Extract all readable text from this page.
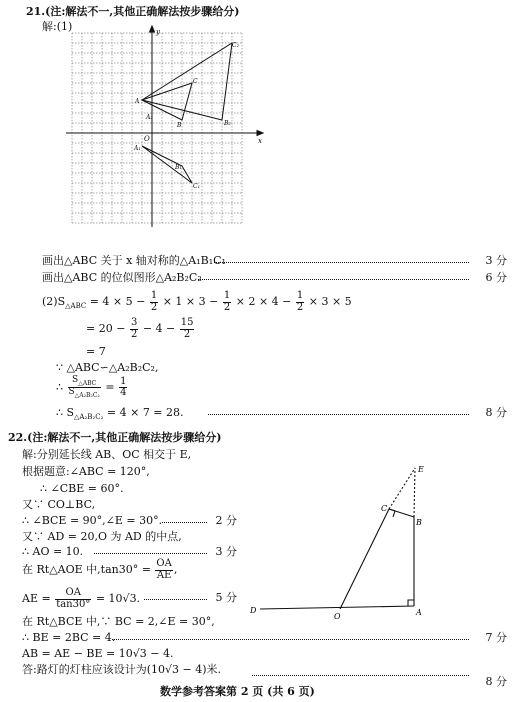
21.(注:解法不一,其他正确解法按步骤给分)
解:(1)	y
x
O
A
B
C
A₁
B₁
C₁
A₂
B₂
C₂
画出△ABC 关于 x 轴对称的△A₁B₁C₁	3 分
画出△ABC 的位似图形△A₂B₂C₂	6 分
$(2)S_{\triangle ABC} = 4 \times 5 - \frac{1}{2} \times 1 \times 3 - \frac{1}{2} \times 2 \times 4 - \frac{1}{2} \times 3 \times 5$
= $20 - \frac{3}{2} - 4 - \frac{15}{2}$
= 7
∵ △ABC∽△A₂B₂C₂,
∴
$S_{\triangle ABC}$
$S_{\triangle A_2B_2C_2}$
= $\frac{1}{4}$
∴ $S_{\triangle A_2B_2C_2} = 4 \times 7 = 28$.	8 分
22.(注:解法不一,其他正确解法按步骤给分)
解:分别延长线 AB、OC 相交于 E,
根据题意:∠ABC = 120°,
∴ ∠CBE = 60°.
又∵ CO⊥BC,
∴ ∠BCE = 90°,∠E = 30°.	2 分
又∵ AD = 20,O 为 AD 的中点,
∴ AO = 10.	3 分
在 Rt△AOE 中$,\tan 30^\circ = \frac{OA}{AE}$ ,
AE = $\frac{OA}{\tan 30^\circ} = 10√3$.	5 分
在 Rt△BCE 中,∵ BC = 2,∠E = 30°,
∴ BE = 2BC = 4.	7 分
AB = AE − BE = 10√3 − 4.
答:路灯的灯柱应该设计为(10√3 − 4)米.
8 分
E
C
B
D
O	A
数学参考答案第 2 页 (共 6 页)
